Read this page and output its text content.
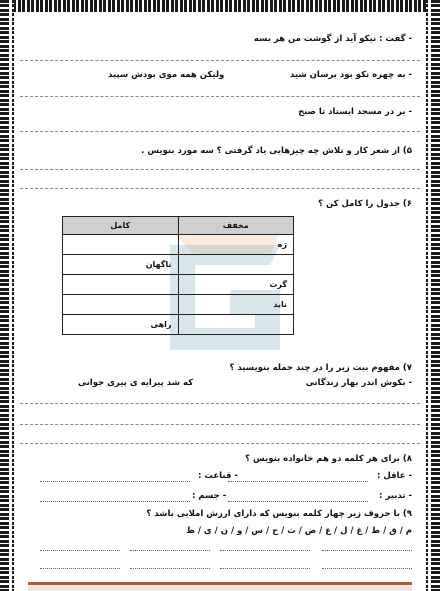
- گفت : نیکو آید از گوشت من هر بسه
- به چهره نکو بود برسان شید
ولیکن همه موی بودش سپید
- بر در مسجد ایستاد تا صبح
۵) از شعر کار و تلاش چه چیزهایی یاد گرفتی ؟ سه مورد بنویس .
۶) جدول را کامل کن ؟
مخفف	کامل
رَه	
	ناگهان
گرت	
ناید	
	راهی
۷) مفهوم بیت زیر را در چند جمله بنویسید ؟
- بکوش اندر بهار زندگانی
که شد پیرایه ی پیری جوانی
۸) برای هر کلمه دو هم خانواده بنویس ؟
- عاقل :
- قناعت :
- تدبیر :
- جسم :
۹) با حروف زیر چهار کلمه بنویس که دارای ارزش املایی باشد ؟
م / ق / ط / غ / ل / ع / ض / ث / ح / س / و / ن / ی / ظ
